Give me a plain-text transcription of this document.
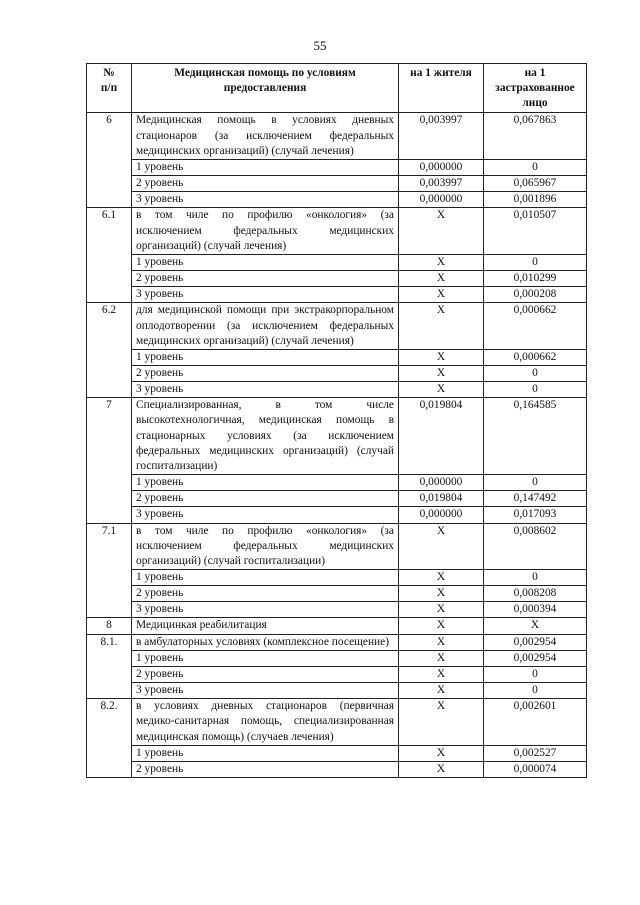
55
№
п/п	Медицинская помощь по условиям предоставления	на 1 жителя	на 1 застрахованное лицо
6	Медицинская помощь в условиях дневных стационаров (за исключением федеральных медицинских организаций) (случай лечения)	0,003997	0,067863
	1 уровень	0,000000	0
	2 уровень	0,003997	0,065967
	3 уровень	0,000000	0,001896
6.1	в том чиле по профилю «онкология» (за исключением федеральных медицинских организаций) (случай лечения)	X	0,010507
	1 уровень	X	0
	2 уровень	X	0,010299
	3 уровень	X	0,000208
6.2	для медицинской помощи при экстракорпоральном оплодотворении (за исключением федеральных медицинских организаций) (случай лечения)	X	0,000662
	1 уровень	X	0,000662
	2 уровень	X	0
	3 уровень	X	0
7	Специализированная, в том числе высокотехнологичная, медицинская помощь в стационарных условиях (за исключением федеральных медицинских организаций) (случай госпитализации)	0,019804	0,164585
	1 уровень	0,000000	0
	2 уровень	0,019804	0,147492
	3 уровень	0,000000	0,017093
7.1	в том чиле по профилю «онкология» (за исключением федеральных медицинских организаций) (случай госпитализации)	X	0,008602
	1 уровень	X	0
	2 уровень	X	0,008208
	3 уровень	X	0,000394
8	Медицинкая реабилитация	X	X
8.1.	в амбулаторных условиях (комплексное посещение)	X	0,002954
	1 уровень	X	0,002954
	2 уровень	X	0
	3 уровень	X	0
8.2.	в условиях дневных стационаров (первичная медико-санитарная помощь, специализированная медицинская помощь) (случаев лечения)	X	0,002601
	1 уровень	X	0,002527
	2 уровень	X	0,000074
